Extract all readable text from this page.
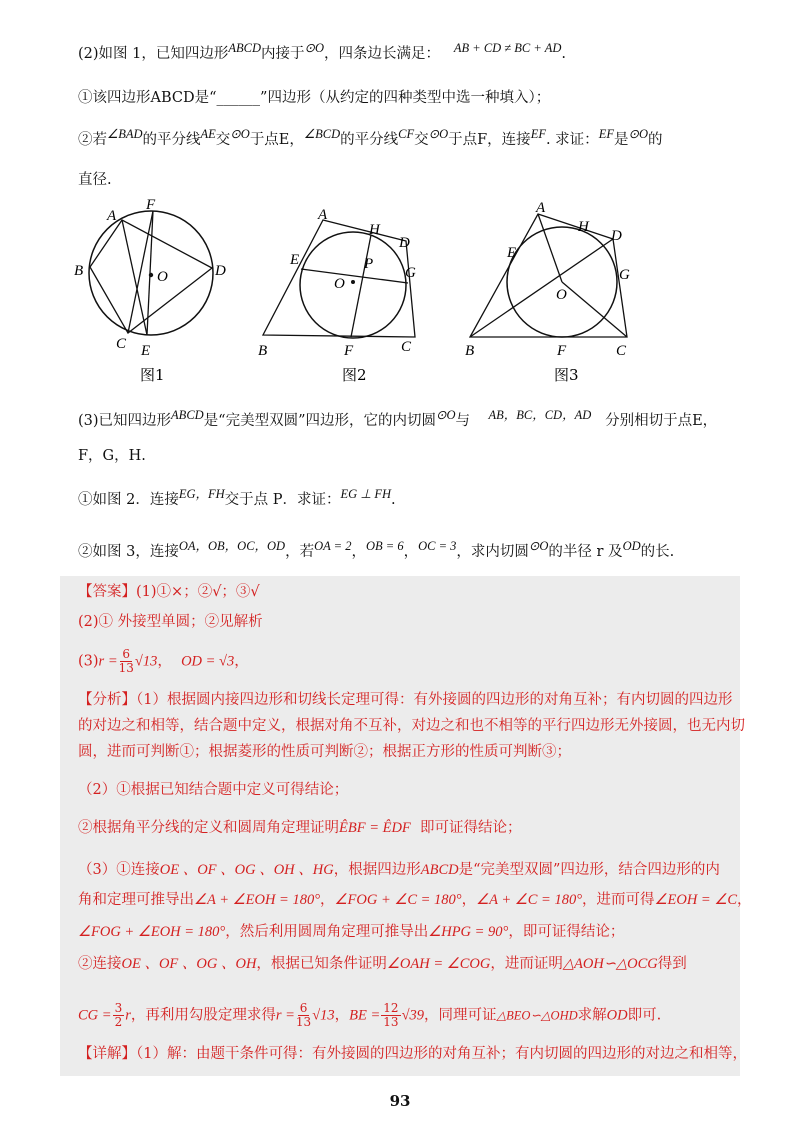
(2)如图 1，已知四边形$^{ABCD}$内接于$^{⊙O}$，四条边长满足： $^{AB + CD \ne BC + AD}$.
①该四边形ABCD是“______”四边形（从约定的四种类型中选一种填入）；
②若$^{\angle BAD}$的平分线$^{AE}$交$^{⊙O}$于点E，$^{\angle BCD}$的平分线$^{CF}$交$^{⊙O}$于点F，连接$^{EF}$. 求证：$^{EF}$是$^{⊙O}$的
直径.
A
B
C
D
E
F
O
图1
A
B	C
D
E
F
G
H
O
P
图2
A
B	C
D
E
F
G
H
O
图3
(3)已知四边形$^{ABCD}$是“完美型双圆”四边形，它的内切圆$^{⊙O}$与 $^{AB,BC,CD,AD}$ 分别相切于点E，
F，G，H.
①如图 2．连接$^{EG,FH}$交于点 P．求证：$^{EG \perp FH}$.
②如图 3，连接$^{OA,OB,OC,OD}$，若$^{OA = 2}$，$^{OB = 6}$，$^{OC = 3}$，求内切圆$^{⊙O}$的半径 r 及$^{OD}$的长.
【答案】(1)①×；②√；③√
(2)① 外接型单圆；②见解析
$(3)r = \frac{6}{13} √13$， OD = √3，
【分析】（1）根据圆内接四边形和切线长定理可得：有外接圆的四边形的对角互补；有内切圆的四边形
的对边之和相等，结合题中定义，根据对角不互补，对边之和也不相等的平行四边形无外接圆，也无内切
圆，进而可判断①；根据菱形的性质可判断②；根据正方形的性质可判断③；
（2）①根据已知结合题中定义可得结论；
②根据角平分线的定义和圆周角定理证明ÊBF = ÊDF 即可证得结论；
（3）①连接OE 、OF 、OG 、OH 、HG，根据四边形ABCD是“完美型双圆”四边形，结合四边形的内
角和定理可推导出∠A + ∠EOH = 180°，∠FOG + ∠C = 180°，∠A + ∠C = 180°，进而可得∠EOH = ∠C，
∠FOG + ∠EOH = 180°，然后利用圆周角定理可推导出∠HPG = 90°，即可证得结论；
②连接OE 、OF 、OG 、OH，根据已知条件证明∠OAH = ∠COG，进而证明△AOH∽△OCG得到
CG = $\frac{3}{2}$ r，再利用勾股定理求得$r = \frac{6}{13} √13$，BE = $\frac{12}{13} √39$，同理可证△BEO∽△OHD求解OD即可.
【详解】（1）解：由题干条件可得：有外接圆的四边形的对角互补；有内切圆的四边形的对边之和相等，
93
